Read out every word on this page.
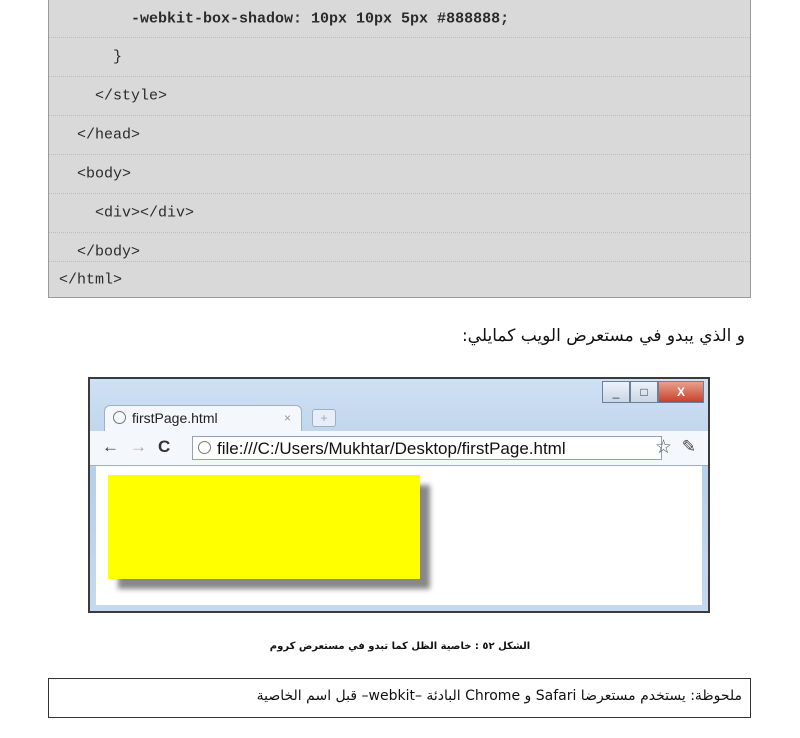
-webkit-box-shadow: 10px 10px 5px #888888;
}
</style>
</head>
<body>
<div></div>
</body>
</html>
و الذي يبدو في مستعرض الويب كمايلي:
_	□	X
firstPage.html	×	+
← → C	file:///C:/Users/Mukhtar/Desktop/firstPage.html	☆ ✎
الشكل ٥٢ : خاصية الظل كما تبدو في مستعرض كروم
ملحوظة: يستخدم مستعرضا Safari و Chrome البادئة –webkit– قبل اسم الخاصية
